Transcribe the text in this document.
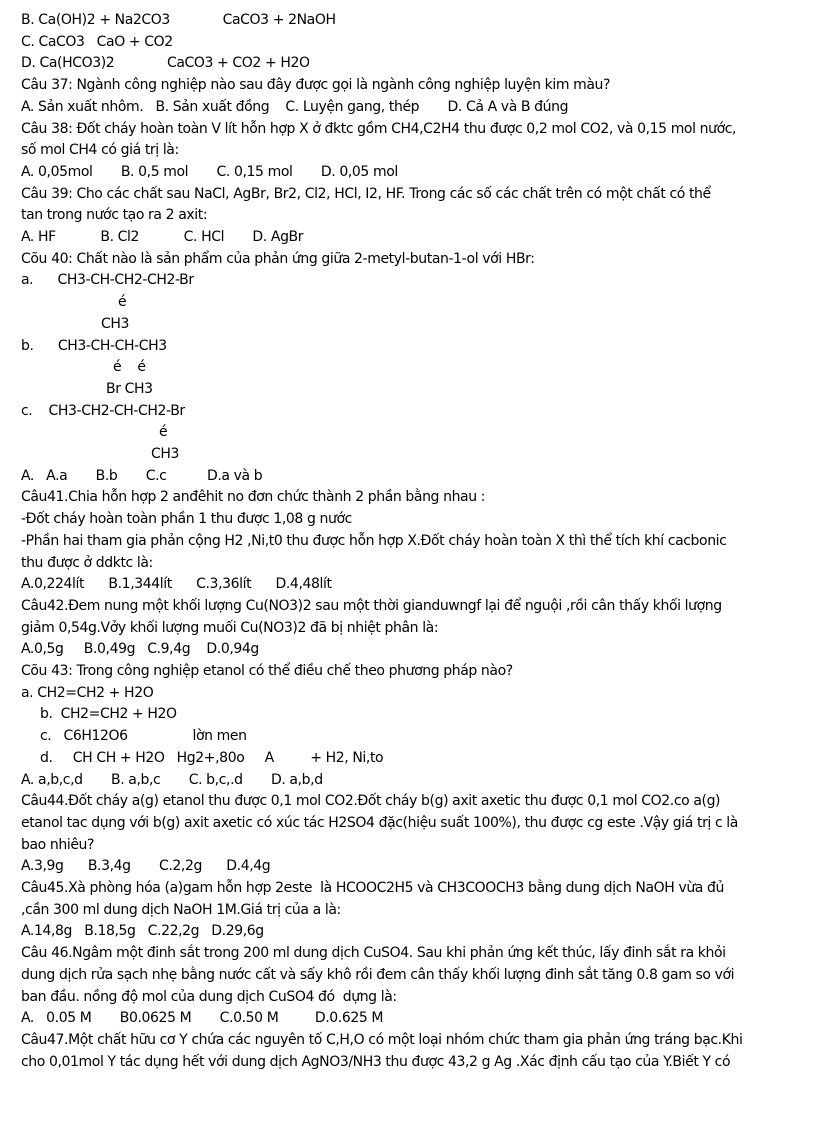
B. Ca(OH)2 + Na2CO3             CaCO3 + 2NaOH
C. CaCO3   CaO + CO2
D. Ca(HCO3)2             CaCO3 + CO2 + H2O
Câu 37: Ngành công nghiệp nào sau đây được gọi là ngành công nghiệp luyện kim màu?
A. Sản xuất nhôm.   B. Sản xuất đồng    C. Luyện gang, thép       D. Cả A và B đúng
Câu 38: Đốt cháy hoàn toàn V lít hỗn hợp X ở đktc gồm CH4,C2H4 thu được 0,2 mol CO2, và 0,15 mol nước,
số mol CH4 có giá trị là:
A. 0,05mol       B. 0,5 mol       C. 0,15 mol       D. 0,05 mol
Câu 39: Cho các chất sau NaCl, AgBr, Br2, Cl2, HCl, I2, HF. Trong các số các chất trên có một chất có thể
tan trong nước tạo ra 2 axit:
A. HF           B. Cl2           C. HCl       D. AgBr
Cõu 40: Chất nào là sản phẩm của phản ứng giữa 2-metyl-butan-1-ol với HBr:
a.      CH3-CH-CH2-CH2-Br
é
CH3
b.      CH3-CH-CH-CH3
é    é
Br CH3
c.    CH3-CH2-CH-CH2-Br
é
CH3
A.   A.a       B.b       C.c          D.a và b
Câu41.Chia hỗn hợp 2 anđêhit no đơn chức thành 2 phần bằng nhau :
-Đốt cháy hoàn toàn phần 1 thu được 1,08 g nước
-Phần hai tham gia phản cộng H2 ,Ni,t0 thu được hỗn hợp X.Đốt cháy hoàn toàn X thì thể tích khí cacbonic
thu được ở ddktc là:
A.0,224lít      B.1,344lít      C.3,36lít      D.4,48lít
Câu42.Đem nung một khối lượng Cu(NO3)2 sau một thời gianduwngf lại để nguội ,rồi cân thấy khối lượng
giảm 0,54g.Vởy khối lượng muối Cu(NO3)2 đã bị nhiệt phân là:
A.0,5g     B.0,49g   C.9,4g    D.0,94g
Cõu 43: Trong công nghiệp etanol có thể điều chế theo phương pháp nào?
a. CH2=CH2 + H2O
b.  CH2=CH2 + H2O
c.   C6H12O6                lờn men
d.     CH CH + H2O   Hg2+,80o     A         + H2, Ni,to
A. a,b,c,d       B. a,b,c       C. b,c,.d       D. a,b,d
Câu44.Đốt cháy a(g) etanol thu được 0,1 mol CO2.Đốt cháy b(g) axit axetic thu được 0,1 mol CO2.co a(g)
etanol tac dụng với b(g) axit axetic có xúc tác H2SO4 đặc(hiệu suất 100%), thu được cg este .Vậy giá trị c là
bao nhiêu?
A.3,9g      B.3,4g       C.2,2g      D.4,4g
Câu45.Xà phòng hóa (a)gam hỗn hợp 2este  là HCOOC2H5 và CH3COOCH3 bằng dung dịch NaOH vừa đủ
,cần 300 ml dung dịch NaOH 1M.Giá trị của a là:
A.14,8g   B.18,5g   C.22,2g   D.29,6g
Câu 46.Ngâm một đinh sắt trong 200 ml dung dịch CuSO4. Sau khi phản ứng kết thúc, lấy đinh sắt ra khỏi
dung dịch rửa sạch nhẹ bằng nước cất và sấy khô rồi đem cân thấy khối lượng đinh sắt tăng 0.8 gam so với
ban đầu. nồng độ mol của dung dịch CuSO4 đó  dựng là:
A.   0.05 M       B0.0625 M       C.0.50 M         D.0.625 M
Câu47.Một chất hữu cơ Y chứa các nguyên tố C,H,O có một loại nhóm chức tham gia phản ứng tráng bạc.Khi
cho 0,01mol Y tác dụng hết với dung dịch AgNO3/NH3 thu được 43,2 g Ag .Xác định cấu tạo của Y.Biết Y có
